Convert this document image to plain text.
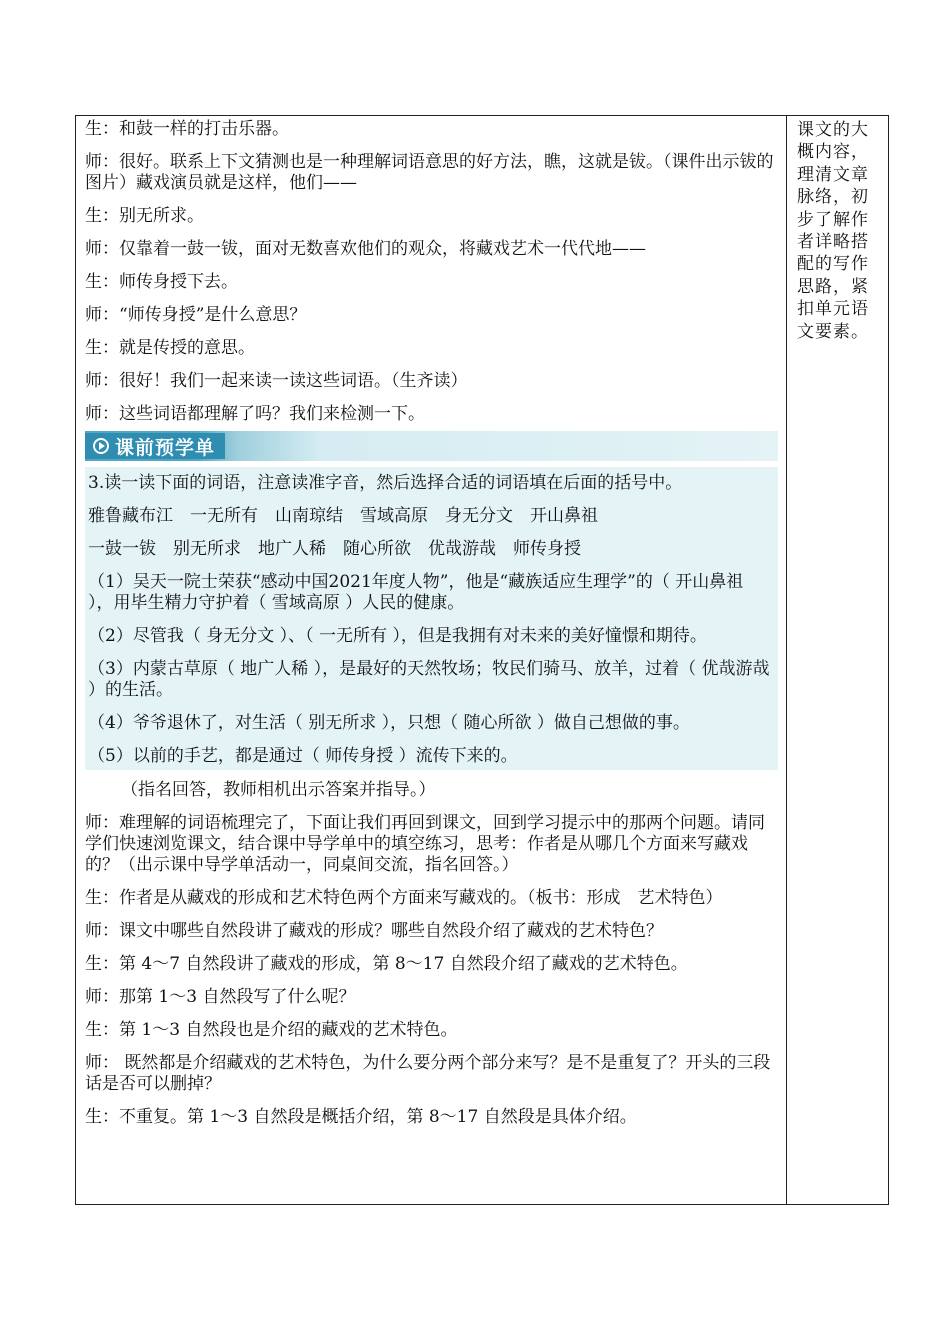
生：和鼓一样的打击乐器。

师：很好。联系上下文猜测也是一种理解词语意思的好方法，瞧，这就是钹。（课件出示钹的图片）藏戏演员就是这样，他们——

生：别无所求。

师：仅靠着一鼓一钹，面对无数喜欢他们的观众，将藏戏艺术一代代地——

生：师传身授下去。

师：“师传身授”是什么意思？

生：就是传授的意思。

师：很好！我们一起来读一读这些词语。（生齐读）

师：这些词语都理解了吗？我们来检测一下。

课前预学单

3.读一读下面的词语，注意读准字音，然后选择合适的词语填在后面的括号中。

雅鲁藏布江 一无所有 山南琼结 雪域高原 身无分文 开山鼻祖

一鼓一钹 别无所求 地广人稀 随心所欲 优哉游哉 师传身授

（1）吴天一院士荣获“感动中国2021年度人物”，他是“藏族适应生理学”的（ 开山鼻祖 ），用毕生精力守护着（ 雪域高原 ）人民的健康。

（2）尽管我（ 身无分文 ）、（ 一无所有 ），但是我拥有对未来的美好憧憬和期待。

（3）内蒙古草原（ 地广人稀 ），是最好的天然牧场；牧民们骑马、放羊，过着（ 优哉游哉 ）的生活。

（4）爷爷退休了，对生活（ 别无所求 ），只想（ 随心所欲 ）做自己想做的事。

（5）以前的手艺，都是通过（ 师传身授 ）流传下来的。

（指名回答，教师相机出示答案并指导。）

师：难理解的词语梳理完了，下面让我们再回到课文，回到学习提示中的那两个问题。请同学们快速浏览课文，结合课中导学单中的填空练习，思考：作者是从哪几个方面来写藏戏的？（出示课中导学单活动一，同桌间交流，指名回答。）

生：作者是从藏戏的形成和艺术特色两个方面来写藏戏的。（板书：形成　艺术特色）

师：课文中哪些自然段讲了藏戏的形成？哪些自然段介绍了藏戏的艺术特色？

生：第 4～7 自然段讲了藏戏的形成，第 8～17 自然段介绍了藏戏的艺术特色。

师：那第 1～3 自然段写了什么呢？

生：第 1～3 自然段也是介绍的藏戏的艺术特色。

师： 既然都是介绍藏戏的艺术特色，为什么要分两个部分来写？是不是重复了？开头的三段话是否可以删掉？

生：不重复。第 1～3 自然段是概括介绍，第 8～17 自然段是具体介绍。

课文的大概内容，理清文章脉络，初步了解作者详略搭配的写作思路，紧扣单元语文要素。
